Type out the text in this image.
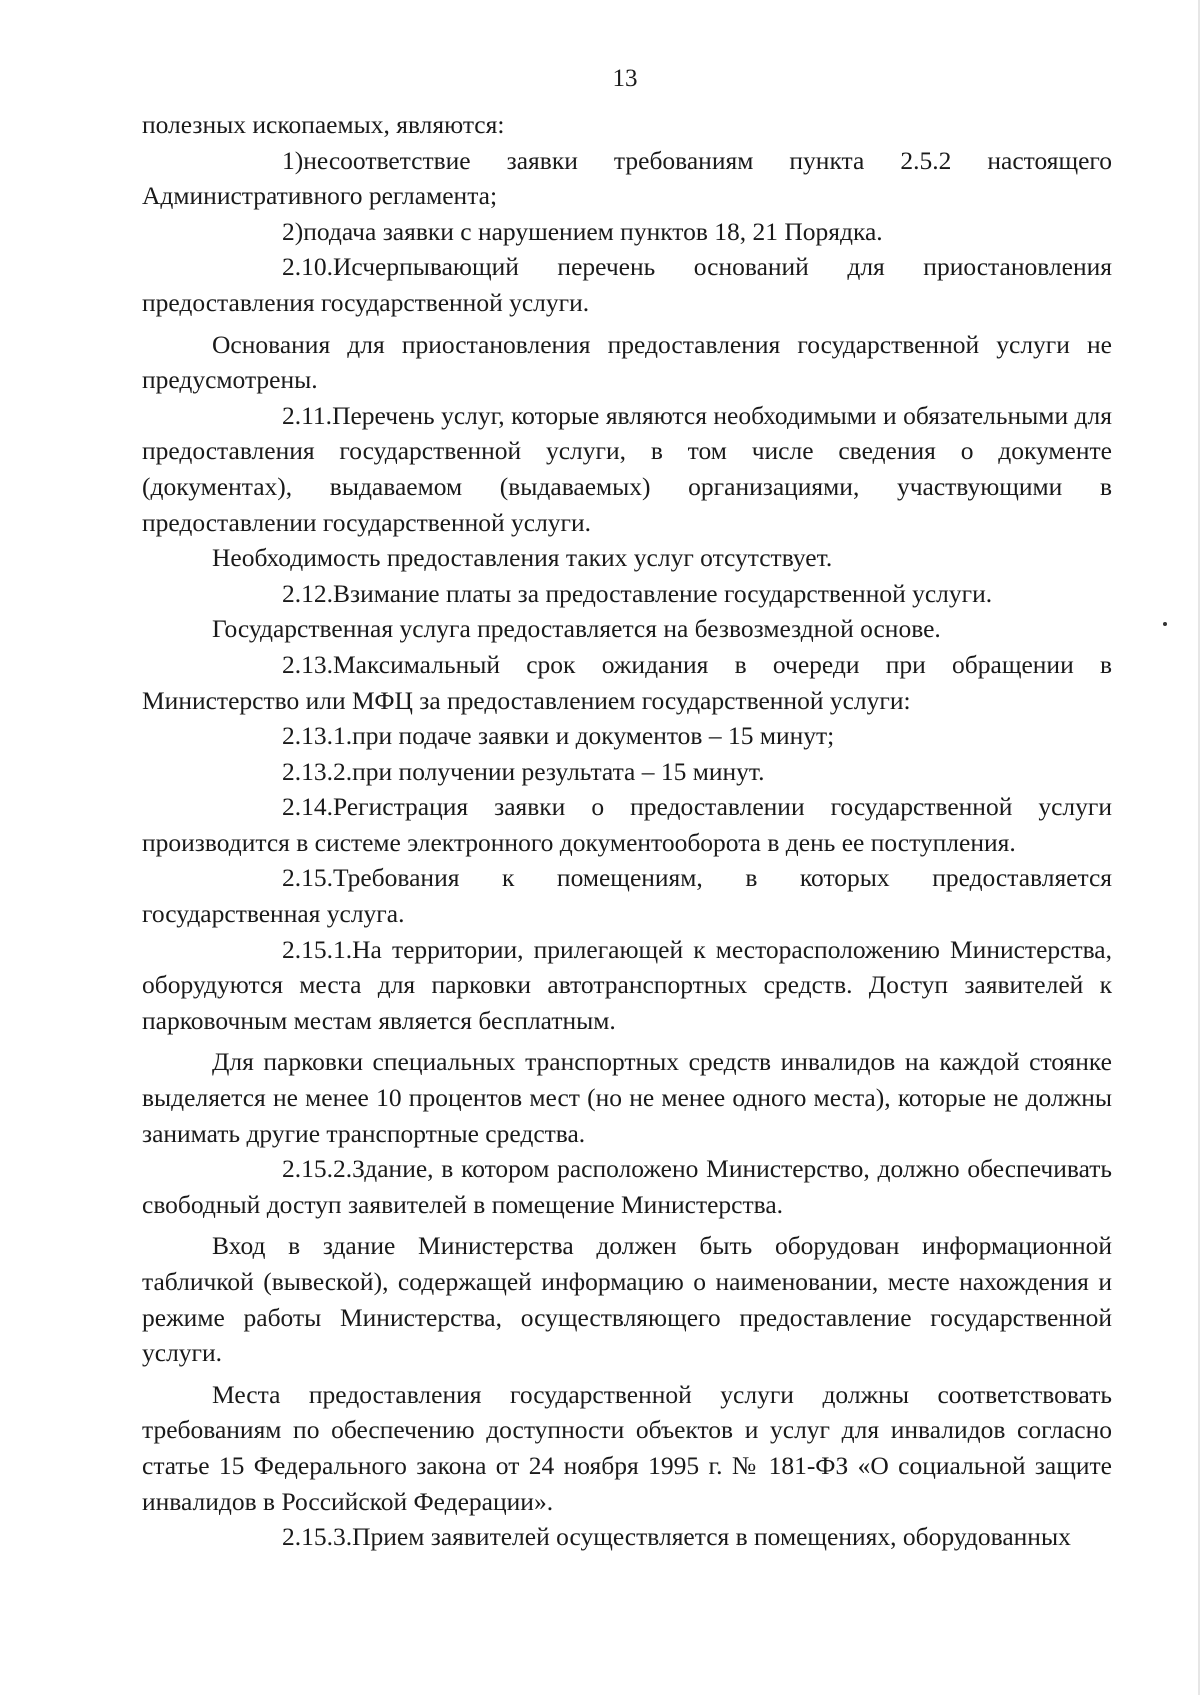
13

полезных ископаемых, являются:

1)несоответствие заявки требованиям пункта 2.5.2 настоящего Административного регламента;

2)подача заявки с нарушением пунктов 18, 21 Порядка.

2.10.Исчерпывающий перечень оснований для приостановления предоставления государственной услуги.

Основания для приостановления предоставления государственной услуги не предусмотрены.

2.11.Перечень услуг, которые являются необходимыми и обязательными для предоставления государственной услуги, в том числе сведения о документе (документах), выдаваемом (выдаваемых) организациями, участвующими в предоставлении государственной услуги.

Необходимость предоставления таких услуг отсутствует.

2.12.Взимание платы за предоставление государственной услуги.

Государственная услуга предоставляется на безвозмездной основе.

2.13.Максимальный срок ожидания в очереди при обращении в Министерство или МФЦ за предоставлением государственной услуги:

2.13.1.при подаче заявки и документов – 15 минут;

2.13.2.при получении результата – 15 минут.

2.14.Регистрация заявки о предоставлении государственной услуги производится в системе электронного документооборота в день ее поступления.

2.15.Требования к помещениям, в которых предоставляется государственная услуга.

2.15.1.На территории, прилегающей к месторасположению Министерства, оборудуются места для парковки автотранспортных средств. Доступ заявителей к парковочным местам является бесплатным.

Для парковки специальных транспортных средств инвалидов на каждой стоянке выделяется не менее 10 процентов мест (но не менее одного места), которые не должны занимать другие транспортные средства.

2.15.2.Здание, в котором расположено Министерство, должно обеспечивать свободный доступ заявителей в помещение Министерства.

Вход в здание Министерства должен быть оборудован информационной табличкой (вывеской), содержащей информацию о наименовании, месте нахождения и режиме работы Министерства, осуществляющего предоставление государственной услуги.

Места предоставления государственной услуги должны соответствовать требованиям по обеспечению доступности объектов и услуг для инвалидов согласно статье 15 Федерального закона от 24 ноября 1995 г. № 181-ФЗ «О социальной защите инвалидов в Российской Федерации».

2.15.3.Прием заявителей осуществляется в помещениях, оборудованных
